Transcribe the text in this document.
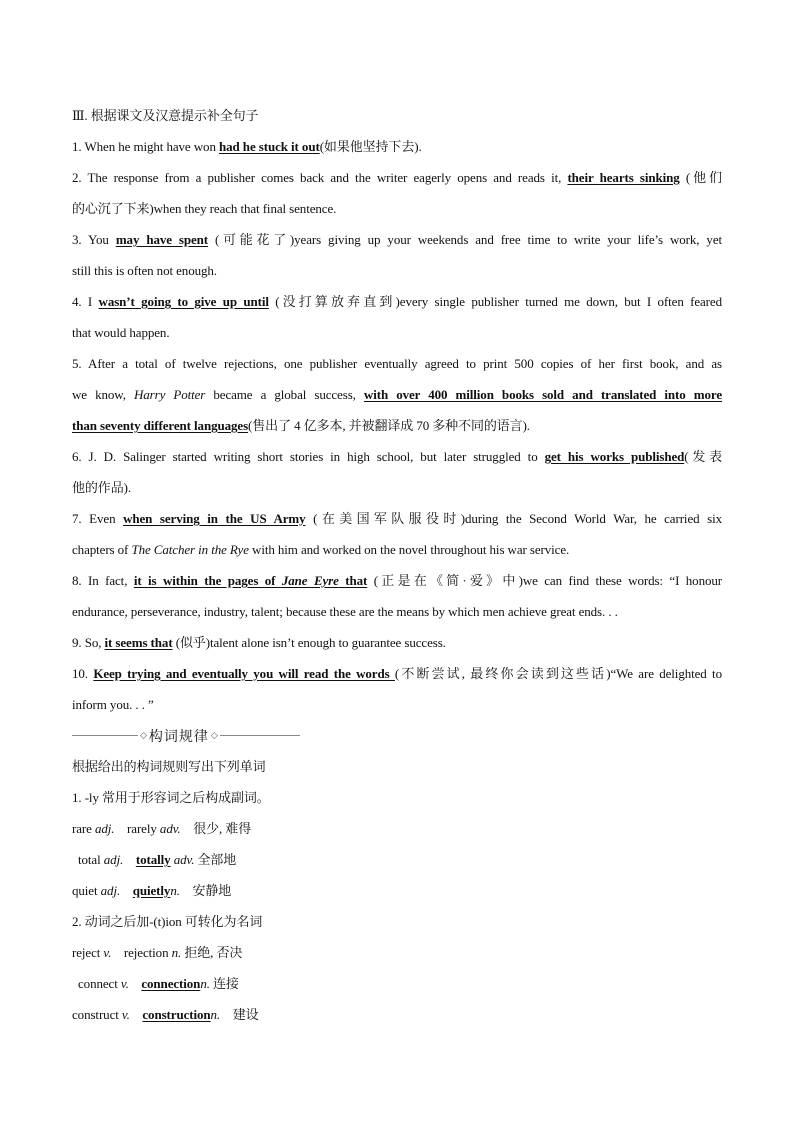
Ⅲ. 根据课文及汉意提示补全句子
1. When he might have won had he stuck it out(如果他坚持下去).
2. The response from a publisher comes back and the writer eagerly opens and reads it, their hearts sinking (他们
的心沉了下来)when they reach that final sentence.
3. You may have spent (可能花了)years giving up your weekends and free time to write your life’s work, yet
still this is often not enough.
4. I wasn’t going to give up until (没打算放弃直到)every single publisher turned me down, but I often feared
that would happen.
5. After a total of twelve rejections, one publisher eventually agreed to print 500 copies of her first book, and as
we know, Harry Potter became a global success, with over 400 million books sold and translated into more
than seventy different languages(售出了 4 亿多本, 并被翻译成 70 多种不同的语言).
6. J. D. Salinger started writing short stories in high school, but later struggled to get his works published(发表
他的作品).
7. Even when serving in the US Army (在美国军队服役时)during the Second World War, he carried six
chapters of The Catcher in the Rye with him and worked on the novel throughout his war service.
8. In fact, it is within the pages of Jane Eyre that (正是在《简·爱》中)we can find these words: “I honour
endurance, perseverance, industry, talent; because these are the means by which men achieve great ends. . .
9. So, it seems that (似乎)talent alone isn’t enough to guarantee success.
10. Keep trying and eventually you will read the words (不断尝试, 最终你会读到这些话)“We are delighted to
inform you. . . ”
◇ 构词规律 ◇
根据给出的构词规则写出下列单词
1. -ly 常用于形容词之后构成副词。
rare adj. rarely adv. 很少, 难得
total adj. totally adv. 全部地
quiet adj. quietlyn. 安静地
2. 动词之后加-(t)ion 可转化为名词
reject v. rejection n. 拒绝, 否决
connect v. connectionn. 连接
construct v. constructionn. 建设
